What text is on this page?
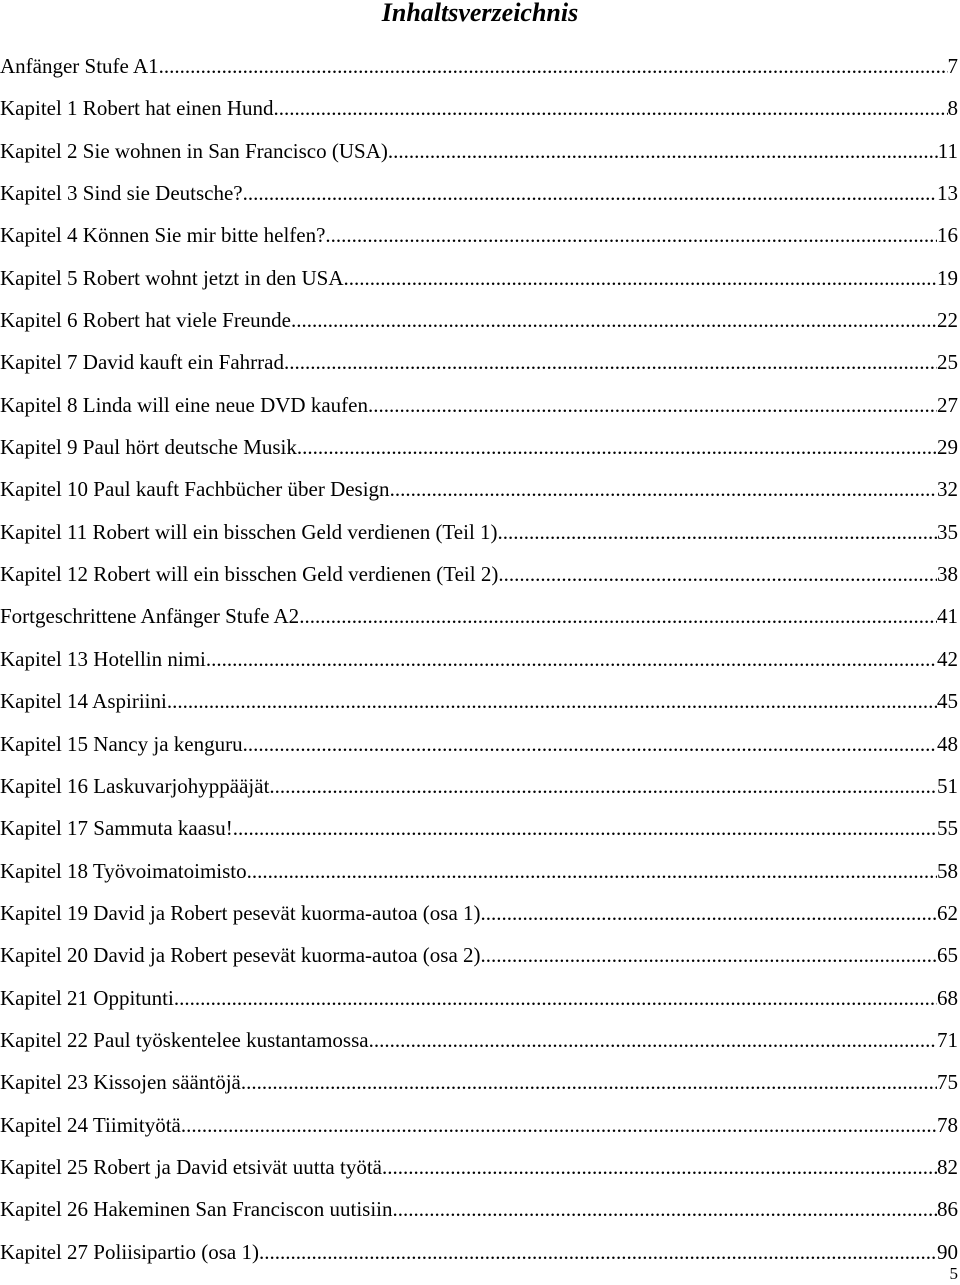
Inhaltsverzeichnis
Anfänger Stufe A1 .....	7
Kapitel 1 Robert hat einen Hund .....	8
Kapitel 2 Sie wohnen in San Francisco (USA) .....	11
Kapitel 3 Sind sie Deutsche? .....	13
Kapitel 4 Können Sie mir bitte helfen? .....	16
Kapitel 5 Robert wohnt jetzt in den USA .....	19
Kapitel 6 Robert hat viele Freunde .....	22
Kapitel 7 David kauft ein Fahrrad .....	25
Kapitel 8 Linda will eine neue DVD kaufen .....	27
Kapitel 9 Paul hört deutsche Musik .....	29
Kapitel 10 Paul kauft Fachbücher über Design .....	32
Kapitel 11 Robert will ein bisschen Geld verdienen (Teil 1) .....	35
Kapitel 12 Robert will ein bisschen Geld verdienen (Teil 2) .....	38
Fortgeschrittene Anfänger Stufe A2 .....	41
Kapitel 13 Hotellin nimi .....	42
Kapitel 14 Aspiriini .....	45
Kapitel 15 Nancy ja kenguru .....	48
Kapitel 16 Laskuvarjohyppääjät .....	51
Kapitel 17 Sammuta kaasu! .....	55
Kapitel 18 Työvoimatoimisto .....	58
Kapitel 19 David ja Robert pesevät kuorma-autoa (osa 1) .....	62
Kapitel 20 David ja Robert pesevät kuorma-autoa (osa 2) .....	65
Kapitel 21 Oppitunti .....	68
Kapitel 22 Paul työskentelee kustantamossa .....	71
Kapitel 23 Kissojen sääntöjä .....	75
Kapitel 24 Tiimityötä .....	78
Kapitel 25 Robert ja David etsivät uutta työtä .....	82
Kapitel 26 Hakeminen San Franciscon uutisiin .....	86
Kapitel 27 Poliisipartio (osa 1) .....	90
5
